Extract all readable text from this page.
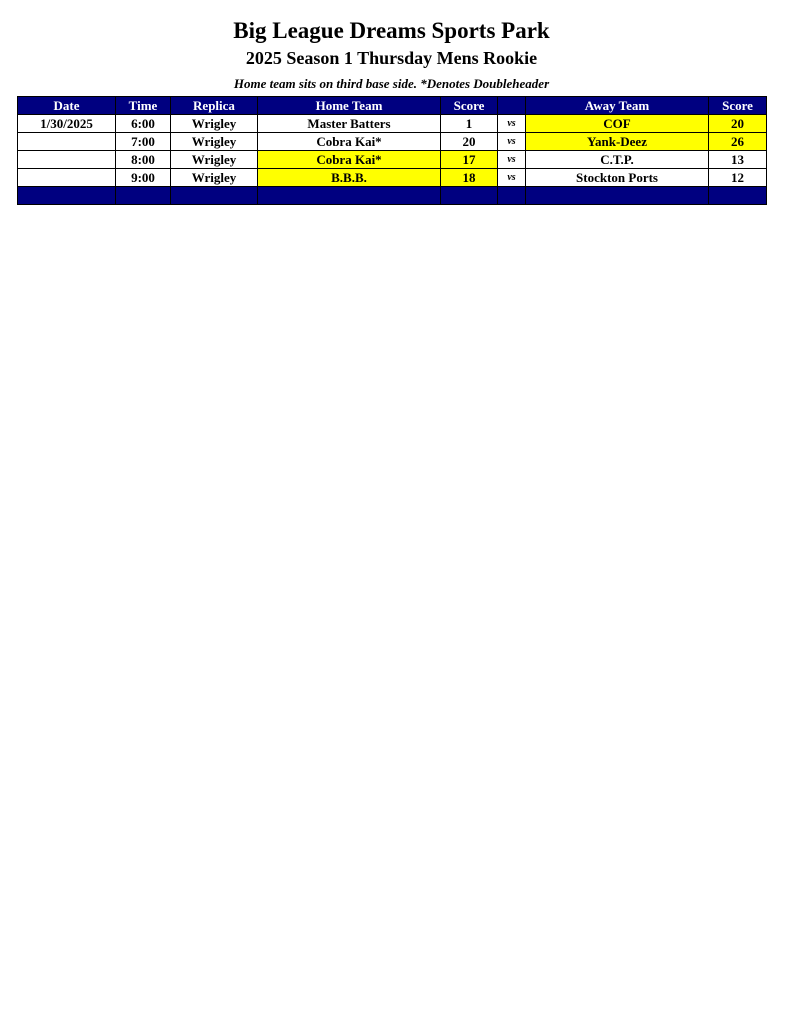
Big League Dreams Sports Park
2025 Season 1 Thursday Mens Rookie
Home team sits on third base side. *Denotes Doubleheader
Date	Time	Replica	Home Team	Score		Away Team	Score
1/30/2025	6:00	Wrigley	Master Batters	1	vs	COF	20
	7:00	Wrigley	Cobra Kai*	20	vs	Yank-Deez	26
	8:00	Wrigley	Cobra Kai*	17	vs	C.T.P.	13
	9:00	Wrigley	B.B.B.	18	vs	Stockton Ports	12
